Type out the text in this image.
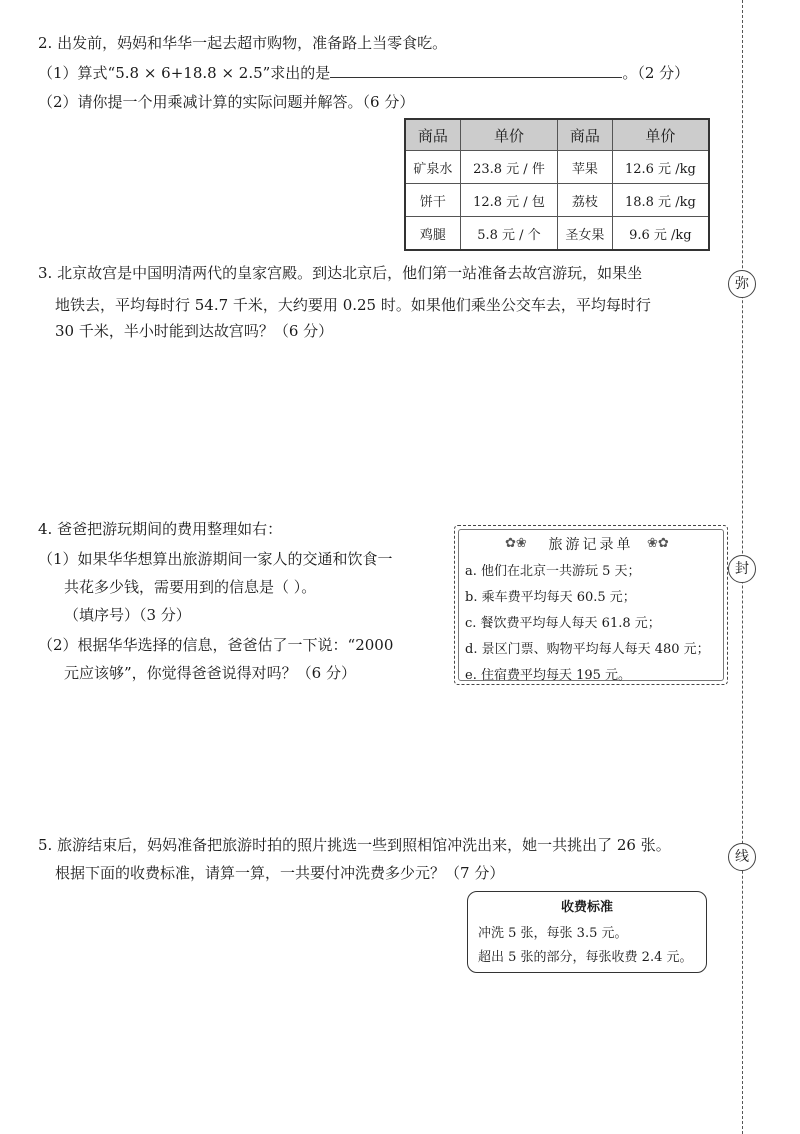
2. 出发前，妈妈和华华一起去超市购物，准备路上当零食吃。
（1）算式“5.8 × 6+18.8 × 2.5”求出的是	。（2 分）
（2）请你提一个用乘减计算的实际问题并解答。（6 分）
商品	单价	商品	单价
矿泉水	23.8 元 / 件	苹果	12.6 元 /kg
饼干	12.8 元 / 包	荔枝	18.8 元 /kg
鸡腿	5.8 元 / 个	圣女果	9.6 元 /kg
3. 北京故宫是中国明清两代的皇家宫殿。到达北京后，他们第一站准备去故宫游玩，如果坐
地铁去，平均每时行 54.7 千米，大约要用 0.25 时。如果他们乘坐公交车去，平均每时行
30 千米，半小时能到达故宫吗？（6 分）
4. 爸爸把游玩期间的费用整理如右：
（1）如果华华想算出旅游期间一家人的交通和饮食一
共花多少钱，需要用到的信息是（ ）。
（填序号）（3 分）
（2）根据华华选择的信息，爸爸估了一下说：“2000
元应该够”，你觉得爸爸说得对吗？（6 分）
✿❀	旅游记录单	❀✿
a. 他们在北京一共游玩 5 天；
b. 乘车费平均每天 60.5 元；
c. 餐饮费平均每人每天 61.8 元；
d. 景区门票、购物平均每人每天 480 元；
e. 住宿费平均每天 195 元。
5. 旅游结束后，妈妈准备把旅游时拍的照片挑选一些到照相馆冲洗出来，她一共挑出了 26 张。
根据下面的收费标准，请算一算，一共要付冲洗费多少元？（7 分）
收费标准
冲洗 5 张，每张 3.5 元。
超出 5 张的部分，每张收费 2.4 元。
弥
封
线
